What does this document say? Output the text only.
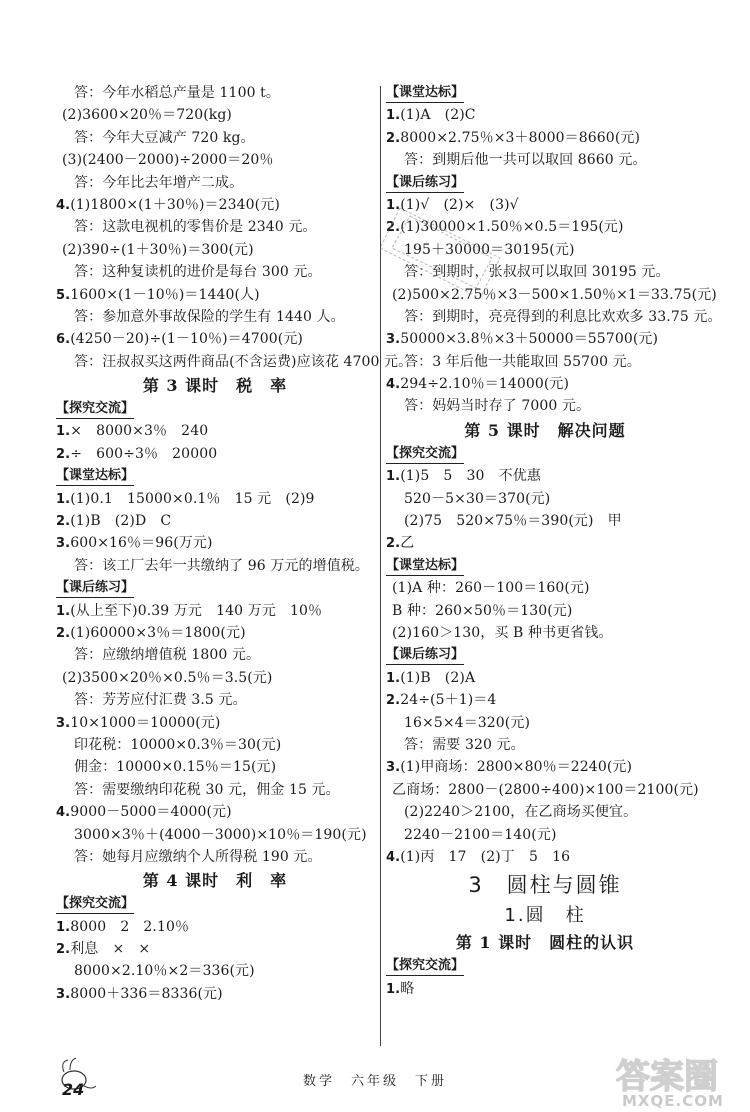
答：今年水稻总产量是 1100 t。
(2)3600×20％＝720(kg)
答：今年大豆减产 720 kg。
(3)(2400－2000)÷2000＝20％
答：今年比去年增产二成。
4.(1)1800×(1＋30％)＝2340(元)
答：这款电视机的零售价是 2340 元。
(2)390÷(1＋30％)＝300(元)
答：这种复读机的进价是每台 300 元。
5.1600×(1－10％)＝1440(人)
答：参加意外事故保险的学生有 1440 人。
6.(4250－20)÷(1－10％)＝4700(元)
答：汪叔叔买这两件商品(不含运费)应该花 4700 元。
第 3 课时　税　率
【 探究交流 】
1.×　8000×3％　240
2.÷　600÷3％　20000
【 课堂达标 】
1.(1)0.1　15000×0.1％　15 元　(2)9
2.(1)B　(2)D　C
3.600×16％＝96(万元)
答：该工厂去年一共缴纳了 96 万元的增值税。
【 课后练习 】
1.(从上至下)0.39 万元　140 万元　10％
2.(1)60000×3％＝1800(元)
答：应缴纳增值税 1800 元。
(2)3500×20％×0.5％＝3.5(元)
答：芳芳应付汇费 3.5 元。
3.10×1000＝10000(元)
印花税：10000×0.3％＝30(元)
佣金：10000×0.15％＝15(元)
答：需要缴纳印花税 30 元，佣金 15 元。
4.9000－5000＝4000(元)
3000×3％＋(4000－3000)×10％＝190(元)
答：她每月应缴纳个人所得税 190 元。
第 4 课时　利　率
【 探究交流 】
1.8000　2　2.10％
2.利息　×　×
8000×2.10％×2＝336(元)
3.8000＋336＝8336(元)
【 课堂达标 】
1.(1)A　(2)C
2.8000×2.75％×3＋8000＝8660(元)
答：到期后他一共可以取回 8660 元。
【 课后练习 】
1.(1)√　(2)×　(3)√
2.(1)30000×1.50％×0.5＝195(元)
195＋30000＝30195(元)
答：到期时，张叔叔可以取回 30195 元。
(2)500×2.75％×3－500×1.50％×1＝33.75(元)
答：到期时，亮亮得到的利息比欢欢多 33.75 元。
3.50000×3.8％×3＋50000＝55700(元)
答：3 年后他一共能取回 55700 元。
4.294÷2.10％＝14000(元)
答：妈妈当时存了 7000 元。
第 5 课时　解决问题
【 探究交流 】
1.(1)5　5　30　不优惠
520－5×30＝370(元)
(2)75　520×75％＝390(元)　甲
2.乙
【 课堂达标 】
(1)A 种：260－100＝160(元)
B 种：260×50％＝130(元)
(2)160＞130，买 B 种书更省钱。
【 课后练习 】
1.(1)B　(2)A
2.24÷(5＋1)＝4
16×5×4＝320(元)
答：需要 320 元。
3.(1)甲商场：2800×80％＝2240(元)
乙商场：2800－(2800÷400)×100＝2100(元)
(2)2240＞2100，在乙商场买便宜。
2240－2100＝140(元)
4.(1)丙　17　(2)丁　5　16
3　圆柱与圆锥
1.圆　柱
第 1 课时　圆柱的认识
【 探究交流 】
1.略
24	数学　六年级　下册	答案圈
MXQE.COM
